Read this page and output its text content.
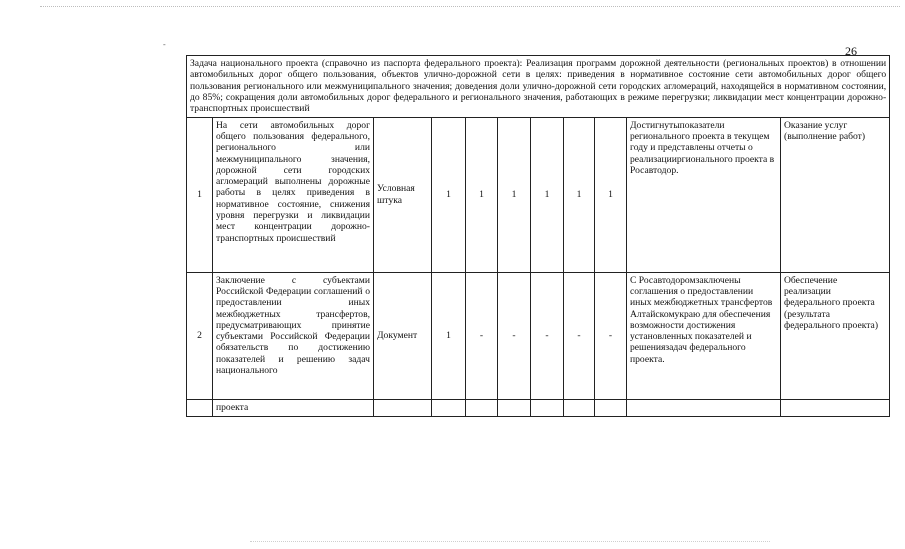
-	26
Задача национального проекта (справочно из паспорта федерального проекта): Реализация программ дорожной деятельности (региональных проектов) в отношении автомобильных дорог общего пользования, объектов улично-дорожной сети в целях: приведения в нормативное состояние сети автомобильных дорог общего пользования регионального или межмуниципального значения; доведения доли улично-дорожной сети городских агломераций, находящейся в нормативном состоянии, до 85%; сокращения доли автомобильных дорог федерального и регионального значения, работающих в режиме перегрузки; ликвидации мест концентрации дорожно-транспортных происшествий										
1	На сети автомобильных дорог общего пользования федерального, регионального или межмуниципального значения, дорожной сети городских агломераций выполнены дорожные работы в целях приведения в нормативное состояние, снижения уровня перегрузки и ликвидации мест концентрации дорожно-транспортных происшествий	Условная штука	1	1	1	1	1	1	Достигнутыпоказатели регионального проекта в текущем году и представлены отчеты о реализацииргионального проекта в Росавтодор.	Оказание услуг (выполнение работ)
2	Заключение с субъектами Российской Федерации соглашений о предоставлении иных межбюджетных трансфертов, предусматривающих принятие субъектами Российской Федерации обязательств по достижению показателей и решению задач национального	Документ	1	-	-	-	-	-	С Росавтодоромзаключены соглашения о предоставлении иных межбюджетных трансфертов Алтайскомукраю для обеспечения возможности достижения установленных показателей и решениязадач федерального проекта.	Обеспечение реализации федерального проекта (результата федерального проекта)
	проекта									
